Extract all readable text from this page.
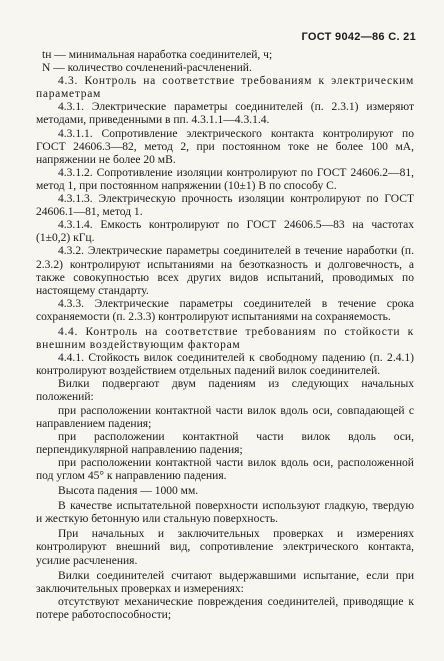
ГОСТ 9042—86 С. 21

tн — минимальная наработка соединителей, ч;

N — количество сочленений-расчленений.

4.3. Контроль на соответствие требованиям к электрическим параметрам

4.3.1. Электрические параметры соединителей (п. 2.3.1) измеряют методами, приведенными в пп. 4.3.1.1—4.3.1.4.

4.3.1.1. Сопротивление электрического контакта контролируют по ГОСТ 24606.3—82, метод 2, при постоянном токе не более 100 мА, напряжении не более 20 мВ.

4.3.1.2. Сопротивление изоляции контролируют по ГОСТ 24606.2—81, метод 1, при постоянном напряжении (10±1) В по способу С.

4.3.1.3. Электрическую прочность изоляции контролируют по ГОСТ 24606.1—81, метод 1.

4.3.1.4. Емкость контролируют по ГОСТ 24606.5—83 на частотах (1±0,2) кГц.

4.3.2. Электрические параметры соединителей в течение наработки (п. 2.3.2) контролируют испытаниями на безотказность и долговечность, а также совокупностью всех других видов испытаний, проводимых по настоящему стандарту.

4.3.3. Электрические параметры соединителей в течение срока сохраняемости (п. 2.3.3) контролируют испытаниями на сохраняемость.

4.4. Контроль на соответствие требованиям по стойкости к внешним воздействующим факторам

4.4.1. Стойкость вилок соединителей к свободному падению (п. 2.4.1) контролируют воздействием отдельных падений вилок соединителей.

Вилки подвергают двум падениям из следующих начальных положений:

при расположении контактной части вилок вдоль оси, совпадающей с направлением падения;

при расположении контактной части вилок вдоль оси, перпендикулярной направлению падения;

при расположении контактной части вилок вдоль оси, расположенной под углом 45° к направлению падения.

Высота падения — 1000 мм.

В качестве испытательной поверхности используют гладкую, твердую и жесткую бетонную или стальную поверхность.

При начальных и заключительных проверках и измерениях контролируют внешний вид, сопротивление электрического контакта, усилие расчленения.

Вилки соединителей считают выдержавшими испытание, если при заключительных проверках и измерениях:

отсутствуют механические повреждения соединителей, приводящие к потере работоспособности;
